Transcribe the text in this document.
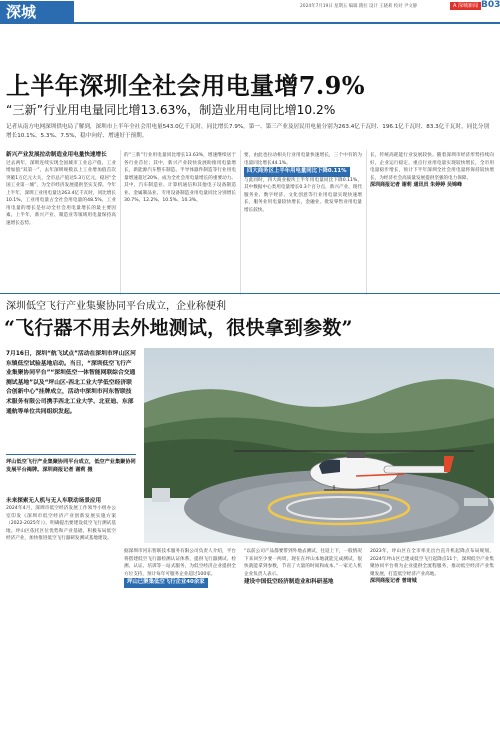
深城	2024年7月19日 星期五 编辑 隋拉 设计 王晓莉 校对 尹文静	A 深城新闻 B03
上半年深圳全社会用电量增7.9%
“三新”行业用电量同比增13.63%，制造业用电同比增10.2%
记者从南方电网深圳供电局了解到，深圳市上半年全社会用电量543.0亿千瓦时，同比增长7.9%。第一、第三产业及居民用电量分别为263.4亿千瓦时、196.1亿千瓦时、83.3亿千瓦时，同比分别增长10.1%、5.3%、7.5%，稳中向好、增速好于预期。
新兴产业发展拉动制造业用电量快速增长
过去两年，深圳连续实现全国城市工业总产值、工业增加值“双第一”，去年深圳规模以上工业增加值首次突破1万亿元大关，全市总产值达5.3万亿元，稳居“全国工业第一城”，为全市经济发展提供坚实支撑。今年上半年，深圳工业用电量达263.4亿千瓦时，同比增长10.1%，工业用电量占全社会用电量的48.5%，工业用电量的增长是拉动全社会用电量增长的最主要因素。上半年，新兴产业、制造业等领域用电量保持高速增长态势。
的“三新”行业用电量同比增长13.63%，增速继续居于各行业首位；其中，新兴产业较快发展助推用电量增长，新能源汽车整车制造、半导体器件制造等行业用电量增速超过20%，成为全社会用电量增长的重要动力。其中，汽车制造业、计算机通信和其他电子设备制造业、金属制品业、专用设备制造业用电量同比分别增长30.7%、12.2%、10.5%、10.3%。
要，由此也拉动相关行业用电量快速增长，三个中有的为电量同比增长44.1%。
四大商务区上半年用电量同比下降0.11%
与此同时，四大商业板块上半年用电量同比下降0.11%，其中数据中心类用电量增长0.3个百分点，新兴产业、现代服务业、数字经济、文化创意等行业用电量实现快速增长，服务业用电量较快增长，金融业、批发零售业用电量增长较快。
长，传统高耗能行业发展较快。随着深圳市经济形势持续向好，企业运行稳定，重点行业用电量实现较快增长，全市用电量稳步增长，预计下半年深圳全社会用电量将保持较快增长，为经济社会高质量发展提供坚强的电力保障。
深圳商报记者 谢莉 通讯员 朱婷婷 吴锦峰
深圳低空飞行产业集聚协同平台成立，企业称便利
“飞行器不用去外地测试，很快拿到参数”
7月16日，深圳“航飞试点”活动在深圳市坪山区河东镇低空试验基地启动。当日，“深圳低空飞行产业集聚协同平台”“深圳低空一体智能网联综合交通测试基地”以及“坪山区-西北工业大学低空经济联合创新中心”挂牌成立，活动中深圳市河东智联技术服务有限公司携手西北工业大学、北亚迪、东部通航等单位共同组织发起。
坪山低空飞行产业集聚协同平台成立，低空产业集聚协同发展平台揭牌。深圳商报记者 谢莉 摄
未来探索无人机与无人车联动场景应用
2024年4月，深圳市低空经济发展工作领导小组办公室印发《深圳市低空经济产业创新发展实施方案（2022-2025年）》，明确提出要建设低空飞行测试基地。坪山区依托区位优势和产业基础，积极布局低空经济产业，加快推进低空飞行器研发测试基地建设。
据深圳市河东智联技术服务有限公司负责人介绍，平台将搭建低空飞行器检测认证体系，提供飞行器测试、检测、认证、培训等一站式服务，为低空经济企业提供全方位支持，预计每年可服务企业超过100家。
坪山已聚集低空飞行企业40余家
“以前公司产品都要带到外地去测试，往返上下，一般情况下来回至少要一两周，现在在坪山本地就能完成测试，很快就能拿到参数，节省了大量的时间和成本。”一家无人机企业负责人表示。
建设中国低空经济制造业和科研基地
2023年，坪山区在全市率先出台直升机起降点布局规划，2024年坪山区已建成低空飞行起降点11个，深圳低空产业集聚协同平台将为企业提供全流程服务，推动低空经济产业集聚发展，打造低空经济产业高地。
深圳商报记者 曾琦城
